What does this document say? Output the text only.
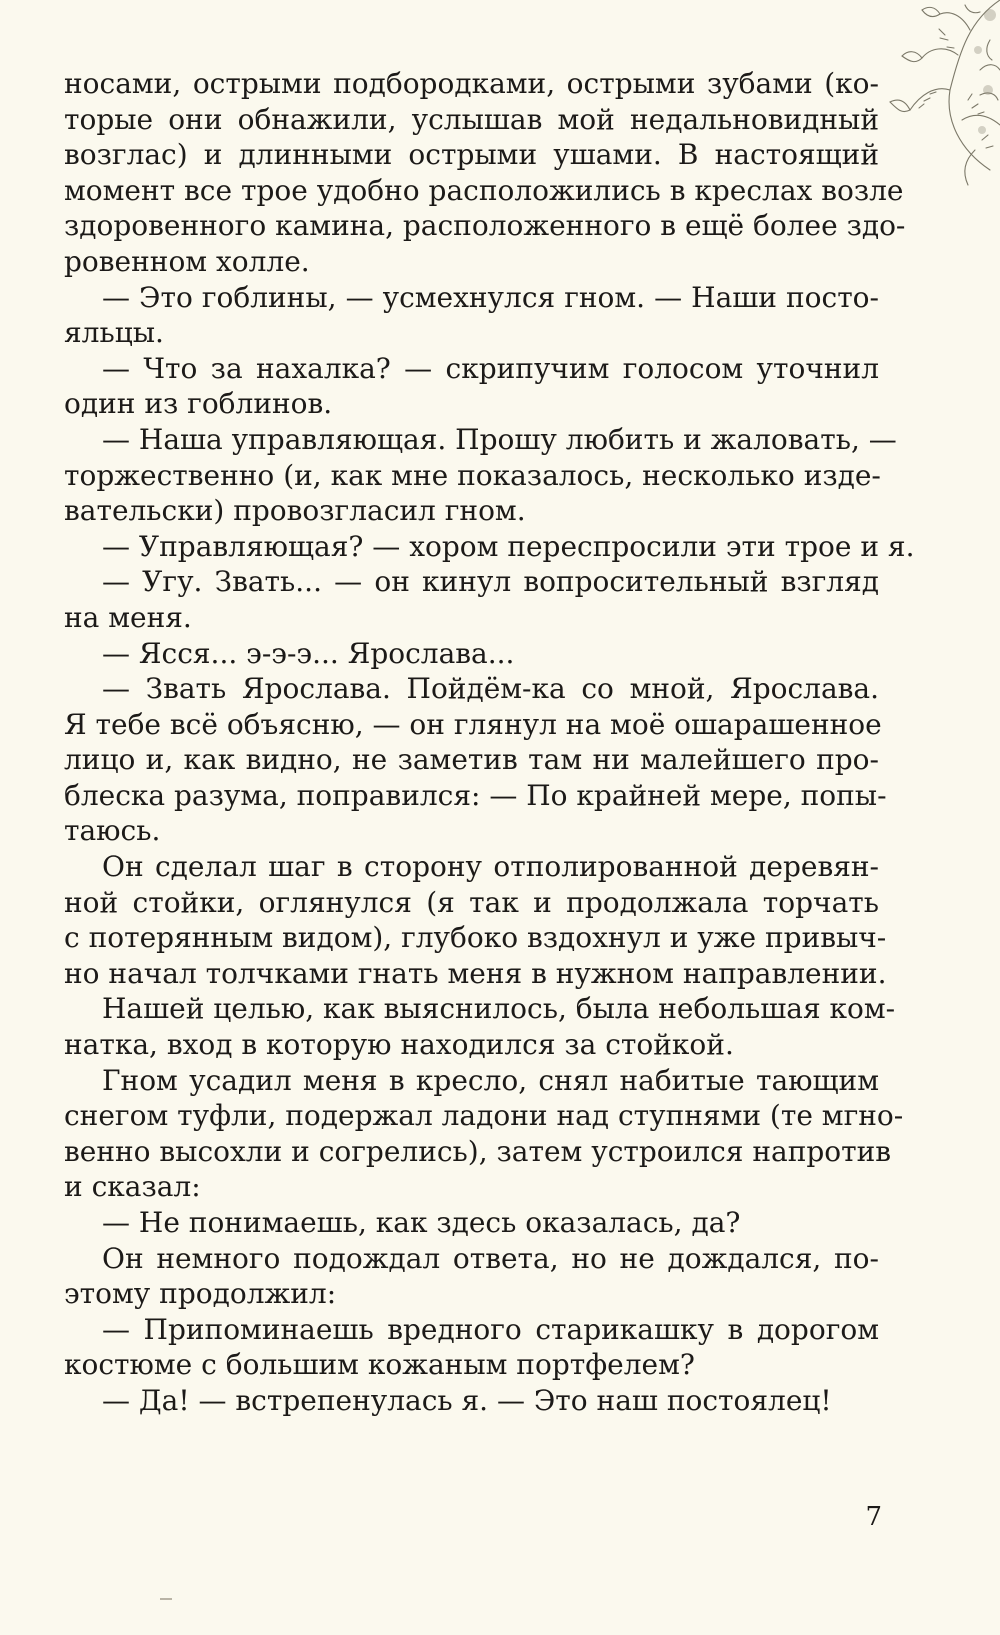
носами, острыми подбородками, острыми зубами (ко-
торые они обнажили, услышав мой недальновидный
возглас) и длинными острыми ушами. В настоящий
момент все трое удобно расположились в креслах возле
здоровенного камина, расположенного в ещё более здо-
ровенном холле.
— Это гоблины, — усмехнулся гном. — Наши посто-
яльцы.
— Что за нахалка? — скрипучим голосом уточнил
один из гоблинов.
— Наша управляющая. Прошу любить и жаловать, —
торжественно (и, как мне показалось, несколько изде-
вательски) провозгласил гном.
— Управляющая? — хором переспросили эти трое и я.
— Угу. Звать... — он кинул вопросительный взгляд
на меня.
— Ясся... э-э-э... Ярослава...
— Звать Ярослава. Пойдём-ка со мной, Ярослава.
Я тебе всё объясню, — он глянул на моё ошарашенное
лицо и, как видно, не заметив там ни малейшего про-
блеска разума, поправился: — По крайней мере, попы-
таюсь.
Он сделал шаг в сторону отполированной деревян-
ной стойки, оглянулся (я так и продолжала торчать
с потерянным видом), глубоко вздохнул и уже привыч-
но начал толчками гнать меня в нужном направлении.
Нашей целью, как выяснилось, была небольшая ком-
натка, вход в которую находился за стойкой.
Гном усадил меня в кресло, снял набитые тающим
снегом туфли, подержал ладони над ступнями (те мгно-
венно высохли и согрелись), затем устроился напротив
и сказал:
— Не понимаешь, как здесь оказалась, да?
Он немного подождал ответа, но не дождался, по-
этому продолжил:
— Припоминаешь вредного старикашку в дорогом
костюме с большим кожаным портфелем?
— Да! — встрепенулась я. — Это наш постоялец!
7
